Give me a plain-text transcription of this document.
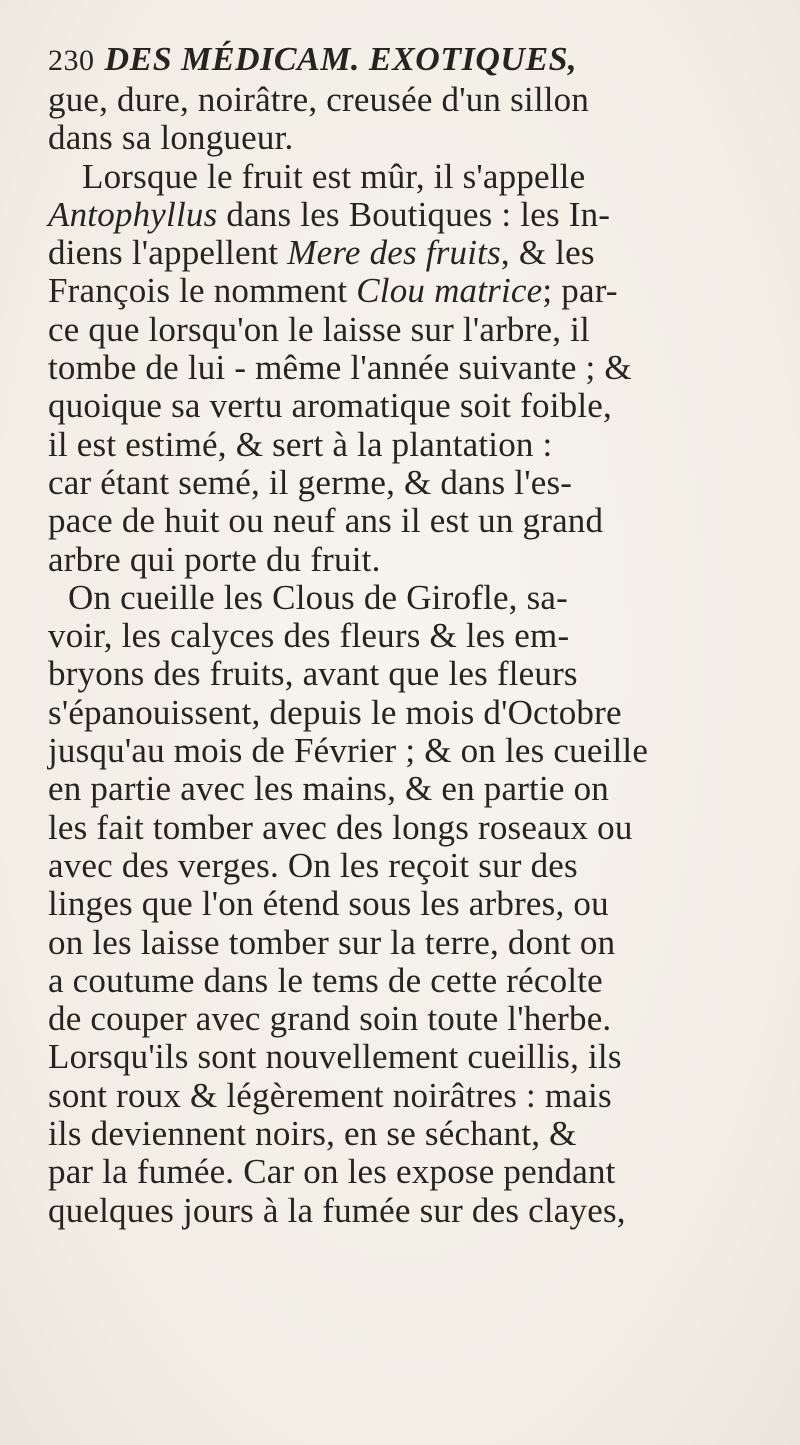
230 DES MÉDICAM. EXOTIQUES,
gue, dure, noirâtre, creusée d'un sillon
dans sa longueur.
Lorsque le fruit est mûr, il s'appelle
Antophyllus dans les Boutiques : les In-
diens l'appellent Mere des fruits, & les
François le nomment Clou matrice; par-
ce que lorsqu'on le laisse sur l'arbre, il
tombe de lui - même l'année suivante ; &
quoique sa vertu aromatique soit foible,
il est estimé, & sert à la plantation :
car étant semé, il germe, & dans l'es-
pace de huit ou neuf ans il est un grand
arbre qui porte du fruit.
On cueille les Clous de Girofle, sa-
voir, les calyces des fleurs & les em-
bryons des fruits, avant que les fleurs
s'épanouissent, depuis le mois d'Octobre
jusqu'au mois de Février ; & on les cueille
en partie avec les mains, & en partie on
les fait tomber avec des longs roseaux ou
avec des verges. On les reçoit sur des
linges que l'on étend sous les arbres, ou
on les laisse tomber sur la terre, dont on
a coutume dans le tems de cette récolte
de couper avec grand soin toute l'herbe.
Lorsqu'ils sont nouvellement cueillis, ils
sont roux & légèrement noirâtres : mais
ils deviennent noirs, en se séchant, &
par la fumée. Car on les expose pendant
quelques jours à la fumée sur des clayes,
